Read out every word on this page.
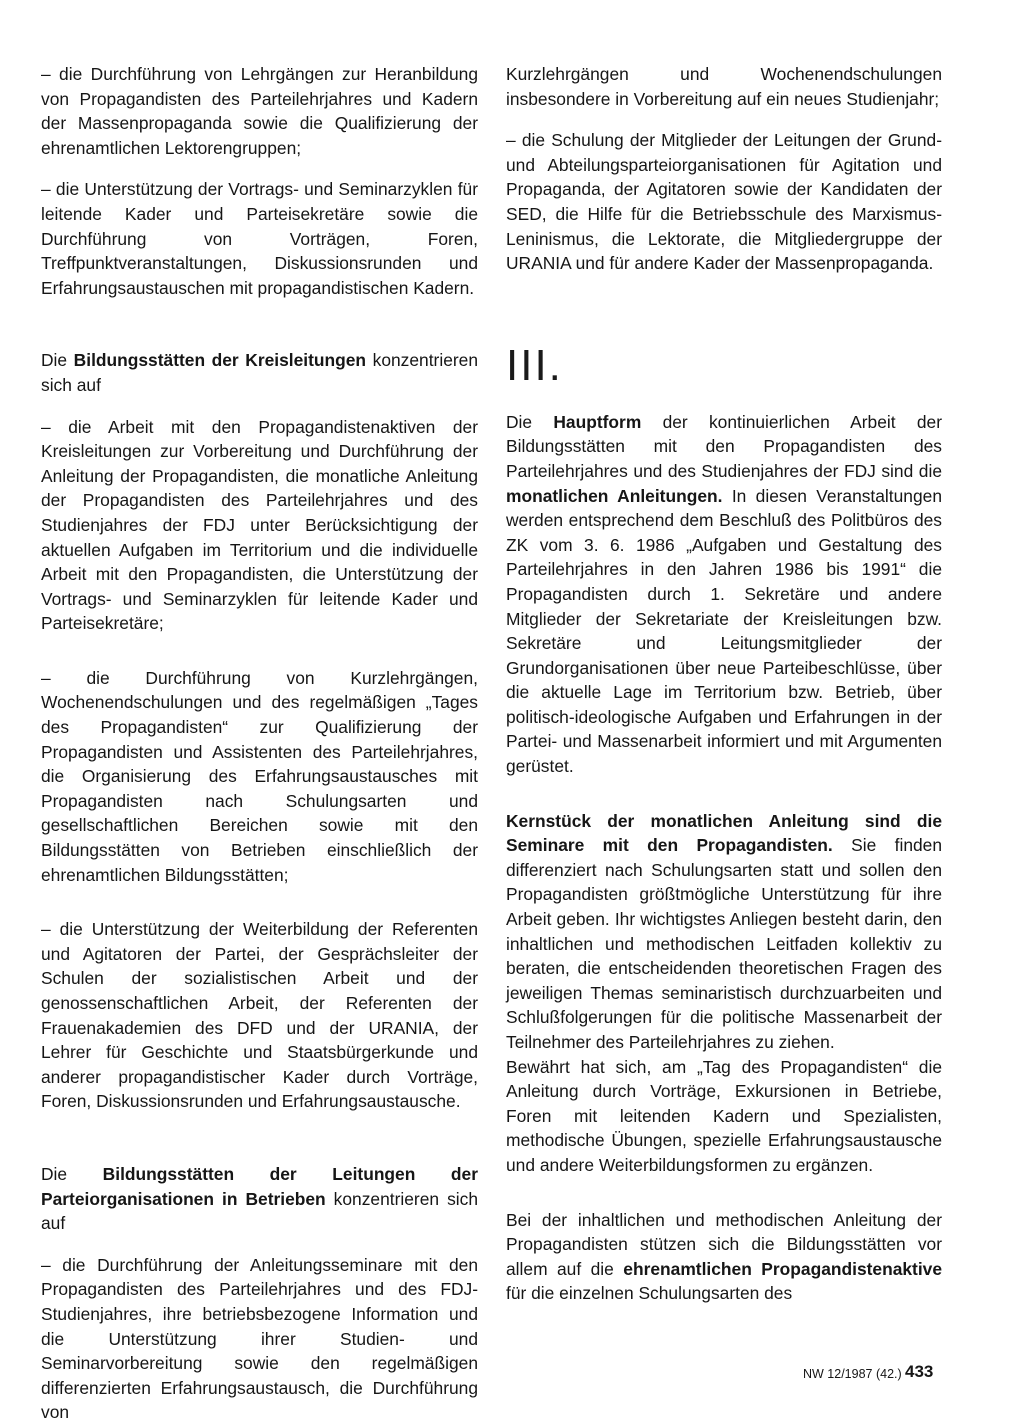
– die Durchführung von Lehrgängen zur Heranbildung von Propagandisten des Parteilehrjahres und Kadern der Massenpropaganda sowie die Qualifizierung der ehrenamtlichen Lektorengruppen;

– die Unterstützung der Vortrags- und Seminarzyklen für leitende Kader und Parteisekretäre sowie die Durchführung von Vorträgen, Foren, Treffpunktveranstaltungen, Diskussionsrunden und Erfahrungsaustauschen mit propagandistischen Kadern.

Die Bildungsstätten der Kreisleitungen konzentrieren sich auf

– die Arbeit mit den Propagandistenaktiven der Kreisleitungen zur Vorbereitung und Durchführung der Anleitung der Propagandisten, die monatliche Anleitung der Propagandisten des Parteilehrjahres und des Studienjahres der FDJ unter Berücksichtigung der aktuellen Aufgaben im Territorium und die individuelle Arbeit mit den Propagandisten, die Unterstützung der Vortrags- und Seminarzyklen für leitende Kader und Parteisekretäre;

– die Durchführung von Kurzlehrgängen, Wochenendschulungen und des regelmäßigen „Tages des Propagandisten“ zur Qualifizierung der Propagandisten und Assistenten des Parteilehrjahres, die Organisierung des Erfahrungsaustausches mit Propagandisten nach Schulungsarten und gesellschaftlichen Bereichen sowie mit den Bildungsstätten von Betrieben einschließlich der ehrenamtlichen Bildungsstätten;

– die Unterstützung der Weiterbildung der Referenten und Agitatoren der Partei, der Gesprächsleiter der Schulen der sozialistischen Arbeit und der genossenschaftlichen Arbeit, der Referenten der Frauenakademien des DFD und der URANIA, der Lehrer für Geschichte und Staatsbürgerkunde und anderer propagandistischer Kader durch Vorträge, Foren, Diskussionsrunden und Erfahrungsaustausche.

Die Bildungsstätten der Leitungen der Parteiorganisationen in Betrieben konzentrieren sich auf

– die Durchführung der Anleitungsseminare mit den Propagandisten des Parteilehrjahres und des FDJ-Studienjahres, ihre betriebsbezogene Information und die Unterstützung ihrer Studien- und Seminarvorbereitung sowie den regelmäßigen differenzierten Erfahrungsaustausch, die Durchführung von

Kurzlehrgängen und Wochenendschulungen insbesondere in Vorbereitung auf ein neues Studienjahr;

– die Schulung der Mitglieder der Leitungen der Grund- und Abteilungsparteiorganisationen für Agitation und Propaganda, der Agitatoren sowie der Kandidaten der SED, die Hilfe für die Betriebsschule des Marxismus-Leninismus, die Lektorate, die Mitgliedergruppe der URANIA und für andere Kader der Massenpropaganda.

III.

Die Hauptform der kontinuierlichen Arbeit der Bildungsstätten mit den Propagandisten des Parteilehrjahres und des Studienjahres der FDJ sind die monatlichen Anleitungen. In diesen Veranstaltungen werden entsprechend dem Beschluß des Politbüros des ZK vom 3. 6. 1986 „Aufgaben und Gestaltung des Parteilehrjahres in den Jahren 1986 bis 1991“ die Propagandisten durch 1. Sekretäre und andere Mitglieder der Sekretariate der Kreisleitungen bzw. Sekretäre und Leitungsmitglieder der Grundorganisationen über neue Parteibeschlüsse, über die aktuelle Lage im Territorium bzw. Betrieb, über politisch-ideologische Aufgaben und Erfahrungen in der Partei- und Massenarbeit informiert und mit Argumenten gerüstet.

Kernstück der monatlichen Anleitung sind die Seminare mit den Propagandisten. Sie finden differenziert nach Schulungsarten statt und sollen den Propagandisten größtmögliche Unterstützung für ihre Arbeit geben. Ihr wichtigstes Anliegen besteht darin, den inhaltlichen und methodischen Leitfaden kollektiv zu beraten, die entscheidenden theoretischen Fragen des jeweiligen Themas seminaristisch durchzuarbeiten und Schlußfolgerungen für die politische Massenarbeit der Teilnehmer des Parteilehrjahres zu ziehen.

Bewährt hat sich, am „Tag des Propagandisten“ die Anleitung durch Vorträge, Exkursionen in Betriebe, Foren mit leitenden Kadern und Spezialisten, methodische Übungen, spezielle Erfahrungsaustausche und andere Weiterbildungsformen zu ergänzen.

Bei der inhaltlichen und methodischen Anleitung der Propagandisten stützen sich die Bildungsstätten vor allem auf die ehrenamtlichen Propagandistenaktive für die einzelnen Schulungsarten des

NW 12/1987 (42.) 433
